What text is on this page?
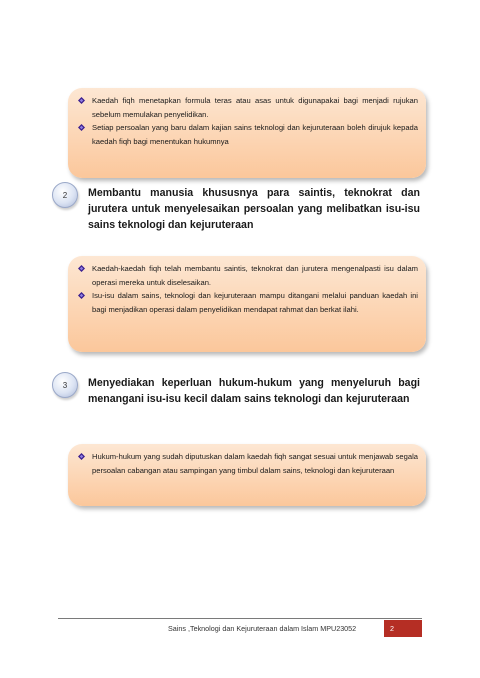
Kaedah fiqh menetapkan formula teras atau asas untuk digunapakai bagi menjadi rujukan sebelum memulakan penyelidikan.
Setiap persoalan yang baru dalam kajian sains teknologi dan kejuruteraan boleh dirujuk kepada kaedah fiqh bagi menentukan hukumnya
2	Membantu manusia khususnya para saintis, teknokrat dan jurutera untuk menyelesaikan persoalan yang melibatkan isu-isu sains teknologi dan kejuruteraan
Kaedah-kaedah fiqh telah membantu saintis, teknokrat dan jurutera mengenalpasti isu dalam operasi mereka untuk diselesaikan.
Isu-isu dalam sains, teknologi dan kejuruteraan mampu ditangani melalui panduan kaedah ini bagi menjadikan operasi dalam penyelidikan mendapat rahmat dan berkat ilahi.
3	Menyediakan keperluan hukum-hukum yang menyeluruh bagi menangani isu-isu kecil dalam sains teknologi dan kejuruteraan
Hukum-hukum yang sudah diputuskan dalam kaedah fiqh sangat sesuai untuk menjawab segala persoalan cabangan atau sampingan yang timbul dalam sains, teknologi dan kejuruteraan
Sains ,Teknologi dan Kejuruteraan dalam Islam MPU23052	2
